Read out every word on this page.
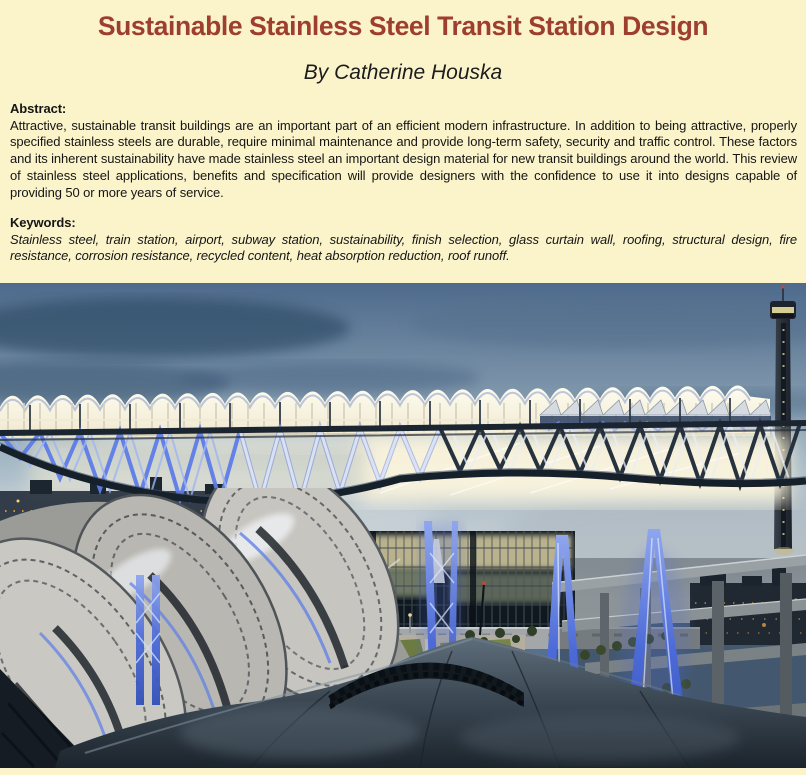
Sustainable Stainless Steel Transit Station Design
By Catherine Houska
Abstract:
Attractive, sustainable transit buildings are an important part of an efficient modern infrastructure. In addition to being attractive, properly specified stainless steels are durable, require minimal maintenance and provide long-term safety, security and traffic control. These factors and its inherent sustainability have made stainless steel an important design material for new transit buildings around the world. This review of stainless steel applications, benefits and specification will provide designers with the confidence to use it into designs capable of providing 50 or more years of service.
Keywords:
Stainless steel, train station, airport, subway station, sustainability, finish selection, glass curtain wall, roofing, structural design, fire resistance, corrosion resistance, recycled content, heat absorption reduction, roof runoff.
